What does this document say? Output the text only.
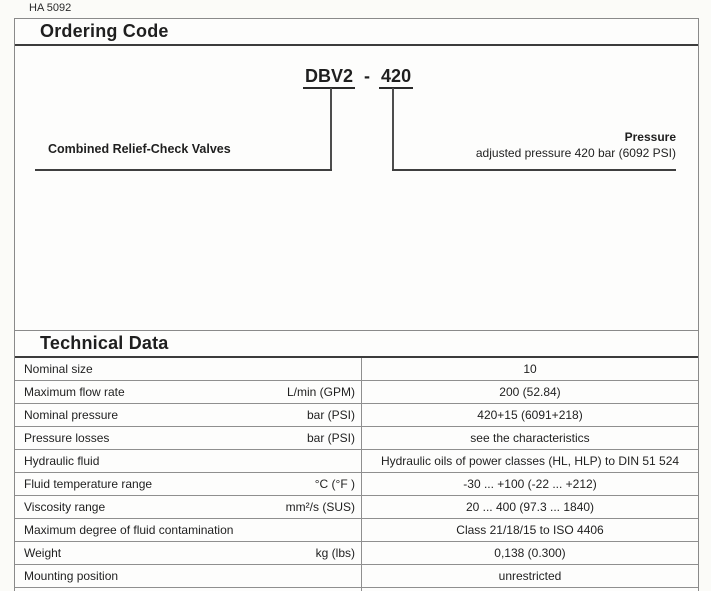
HA 5092
Ordering Code
DBV2 - 420
Combined Relief-Check Valves
Pressure
adjusted pressure 420 bar (6092 PSI)
Technical Data
Nominal size	10
Maximum flow rate	L/min (GPM)	200 (52.84)
Nominal pressure	bar (PSI)	420+15 (6091+218)
Pressure losses	bar (PSI)	see the characteristics
Hydraulic fluid	Hydraulic oils of power classes (HL, HLP) to DIN 51 524
Fluid temperature range	°C (°F )	-30 ... +100 (-22 ... +212)
Viscosity range	mm²/s (SUS)	20 ... 400 (97.3 ... 1840)
Maximum degree of fluid contamination	Class 21/18/15 to ISO 4406
Weight	kg (lbs)	0,138 (0.300)
Mounting position	unrestricted
